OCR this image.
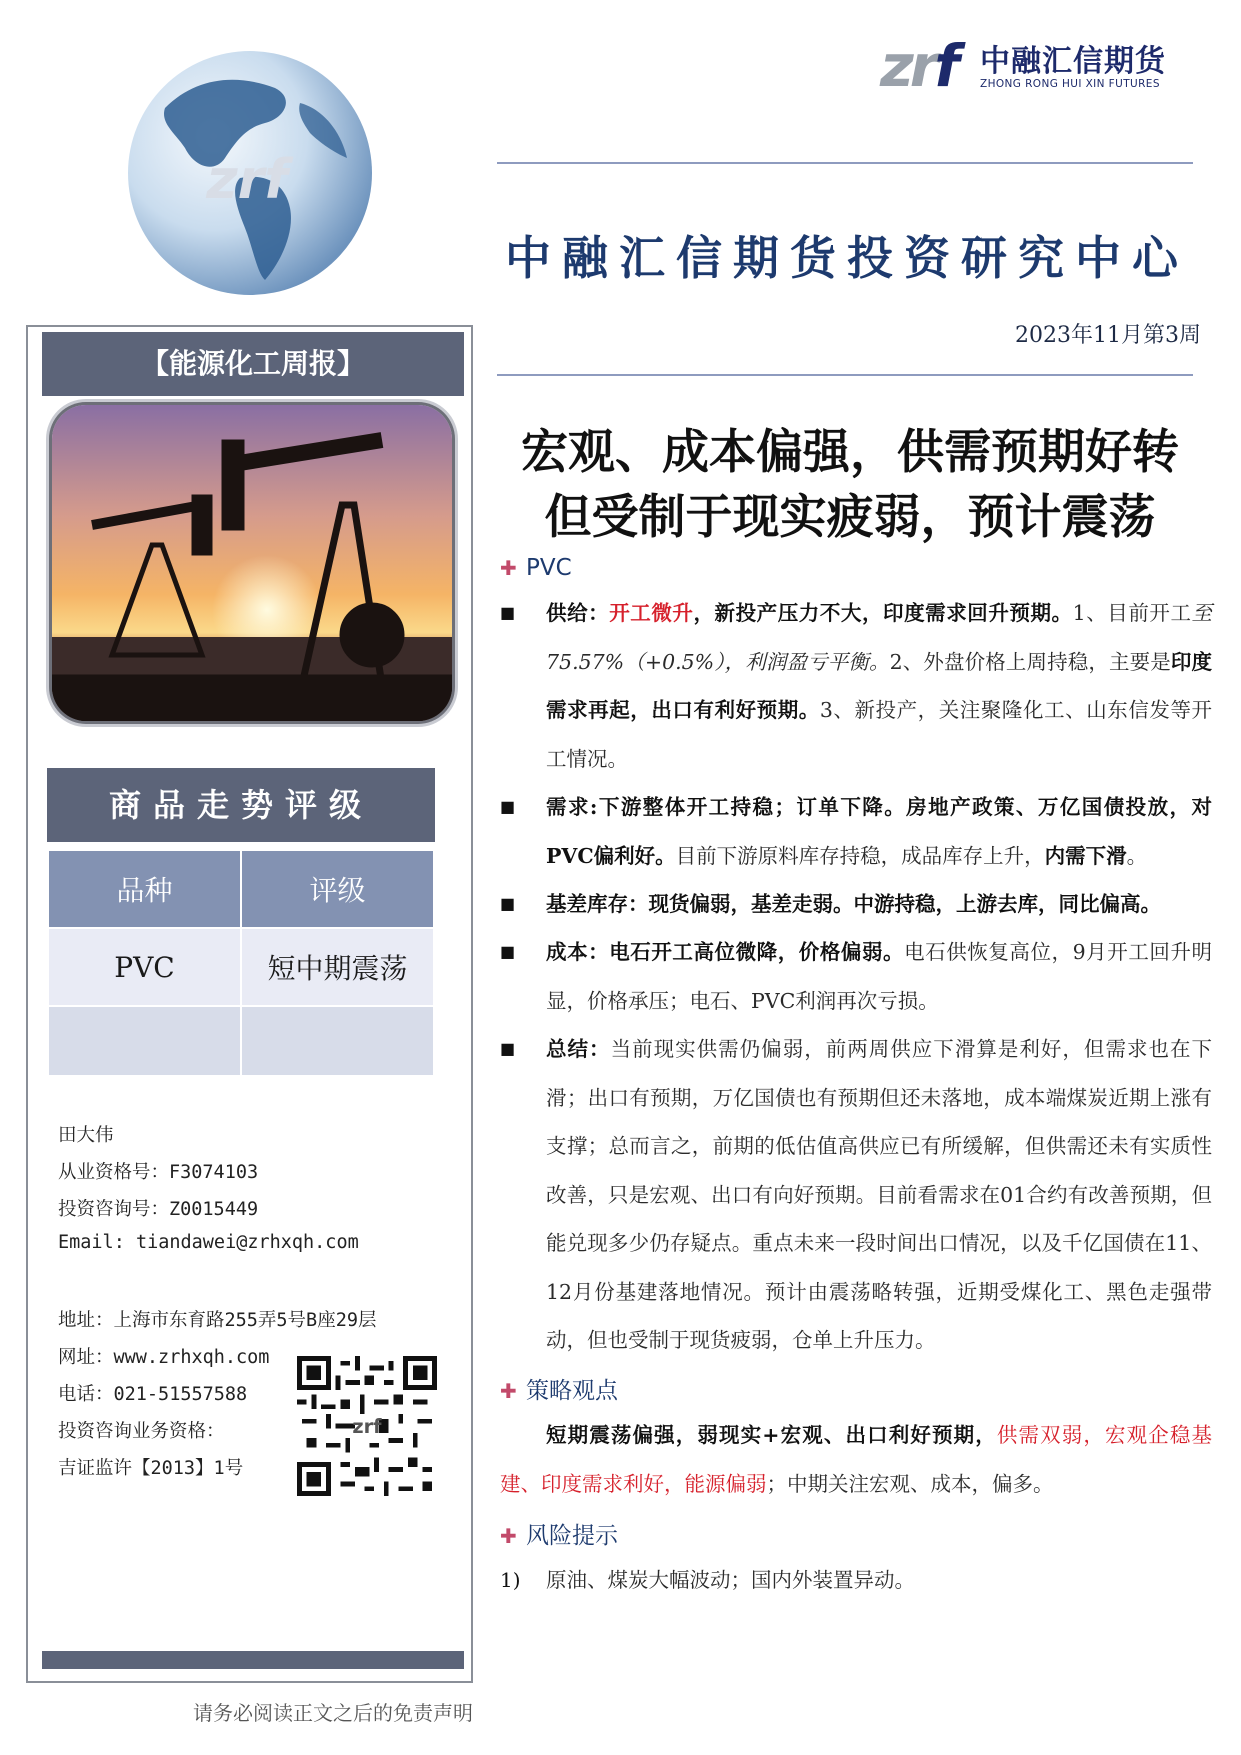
zrf
zrf 中融汇信期货
ZHONG RONG HUI XIN FUTURES
中融汇信期货投资研究中心
2023年11月第3周
【能源化工周报】
商品走势评级
品种	评级
PVC	短中期震荡

田大伟
从业资格号：F3074103
投资咨询号：Z0015449
Email: tiandawei@zrhxqh.com
地址：上海市东育路255弄5号B座29层
网址：www.zrhxqh.com
电话：021-51557588
投资咨询业务资格：
吉证监许【2013】1号
zrf
请务必阅读正文之后的免责声明
宏观、成本偏强，供需预期好转
但受制于现实疲弱，预计震荡
✚ PVC
■ 供给：开工微升，新投产压力不大，印度需求回升预期。1、目前开工至75.57%（+0.5%），利润盈亏平衡。2、外盘价格上周持稳，主要是印度需求再起，出口有利好预期。3、新投产，关注聚隆化工、山东信发等开工情况。
■ 需求:下游整体开工持稳；订单下降。房地产政策、万亿国债投放，对PVC偏利好。目前下游原料库存持稳，成品库存上升，内需下滑。
■ 基差库存：现货偏弱，基差走弱。中游持稳，上游去库，同比偏高。
■ 成本：电石开工高位微降，价格偏弱。电石供恢复高位，9月开工回升明显，价格承压；电石、PVC利润再次亏损。
■ 总结：当前现实供需仍偏弱，前两周供应下滑算是利好，但需求也在下滑；出口有预期，万亿国债也有预期但还未落地，成本端煤炭近期上涨有支撑；总而言之，前期的低估值高供应已有所缓解，但供需还未有实质性改善，只是宏观、出口有向好预期。目前看需求在01合约有改善预期，但能兑现多少仍存疑点。重点未来一段时间出口情况，以及千亿国债在11、12月份基建落地情况。预计由震荡略转强，近期受煤化工、黑色走强带动，但也受制于现货疲弱，仓单上升压力。
✚ 策略观点
短期震荡偏强，弱现实+宏观、出口利好预期，供需双弱，宏观企稳基建、印度需求利好，能源偏弱；中期关注宏观、成本，偏多。
✚ 风险提示
1) 原油、煤炭大幅波动；国内外装置异动。
